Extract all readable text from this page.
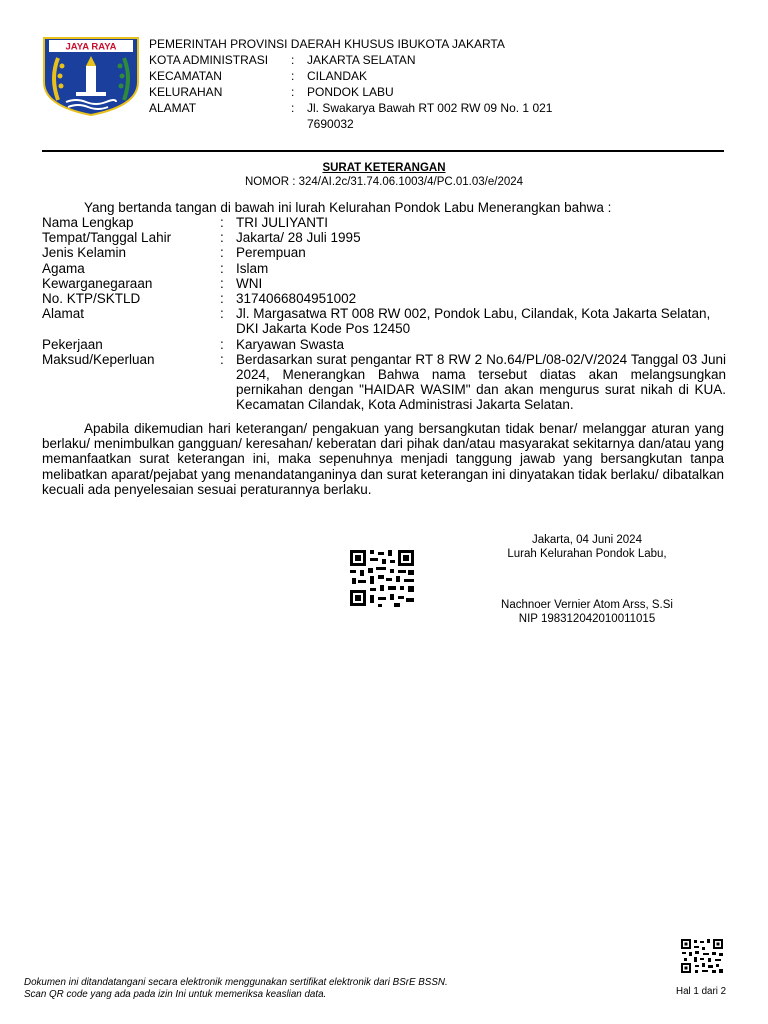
JAYA RAYA	PEMERINTAH PROVINSI DAERAH KHUSUS IBUKOTA JAKARTA
KOTA ADMINISTRASI	:	JAKARTA SELATAN
KECAMATAN	:	CILANDAK
KELURAHAN	:	PONDOK LABU
ALAMAT	:	Jl. Swakarya Bawah RT 002 RW 09 No. 1 021 7690032
SURAT KETERANGAN
NOMOR : 324/AI.2c/31.74.06.1003/4/PC.01.03/e/2024
Yang bertanda tangan di bawah ini lurah Kelurahan Pondok Labu Menerangkan bahwa :
Nama Lengkap	: TRI JULIYANTI
Tempat/Tanggal Lahir	: Jakarta/ 28 Juli 1995
Jenis Kelamin	: Perempuan
Agama	: Islam
Kewarganegaraan	: WNI
No. KTP/SKTLD	: 3174066804951002
Alamat	: Jl. Margasatwa RT 008 RW 002, Pondok Labu, Cilandak, Kota Jakarta Selatan, DKI Jakarta Kode Pos 12450
Pekerjaan	: Karyawan Swasta
Maksud/Keperluan	: Berdasarkan surat pengantar RT 8 RW 2 No.64/PL/08-02/V/2024 Tanggal 03 Juni 2024, Menerangkan Bahwa nama tersebut diatas akan melangsungkan pernikahan dengan "HAIDAR WASIM" dan akan mengurus surat nikah di KUA. Kecamatan Cilandak, Kota Administrasi Jakarta Selatan.
Apabila dikemudian hari keterangan/ pengakuan yang bersangkutan tidak benar/ melanggar aturan yang berlaku/ menimbulkan gangguan/ keresahan/ keberatan dari pihak dan/atau masyarakat sekitarnya dan/atau yang memanfaatkan surat keterangan ini, maka sepenuhnya menjadi tanggung jawab yang bersangkutan tanpa melibatkan aparat/pejabat yang menandatanganinya dan surat keterangan ini dinyatakan tidak berlaku/ dibatalkan kecuali ada penyelesaian sesuai peraturannya berlaku.
Jakarta, 04 Juni 2024
Lurah Kelurahan Pondok Labu,
Nachnoer Vernier Atom Arss, S.Si
NIP 198312042010011015
Dokumen ini ditandatangani secara elektronik menggunakan sertifikat elektronik dari BSrE BSSN.
Scan QR code yang ada pada izin Ini untuk memeriksa keaslian data.	Hal 1 dari 2
